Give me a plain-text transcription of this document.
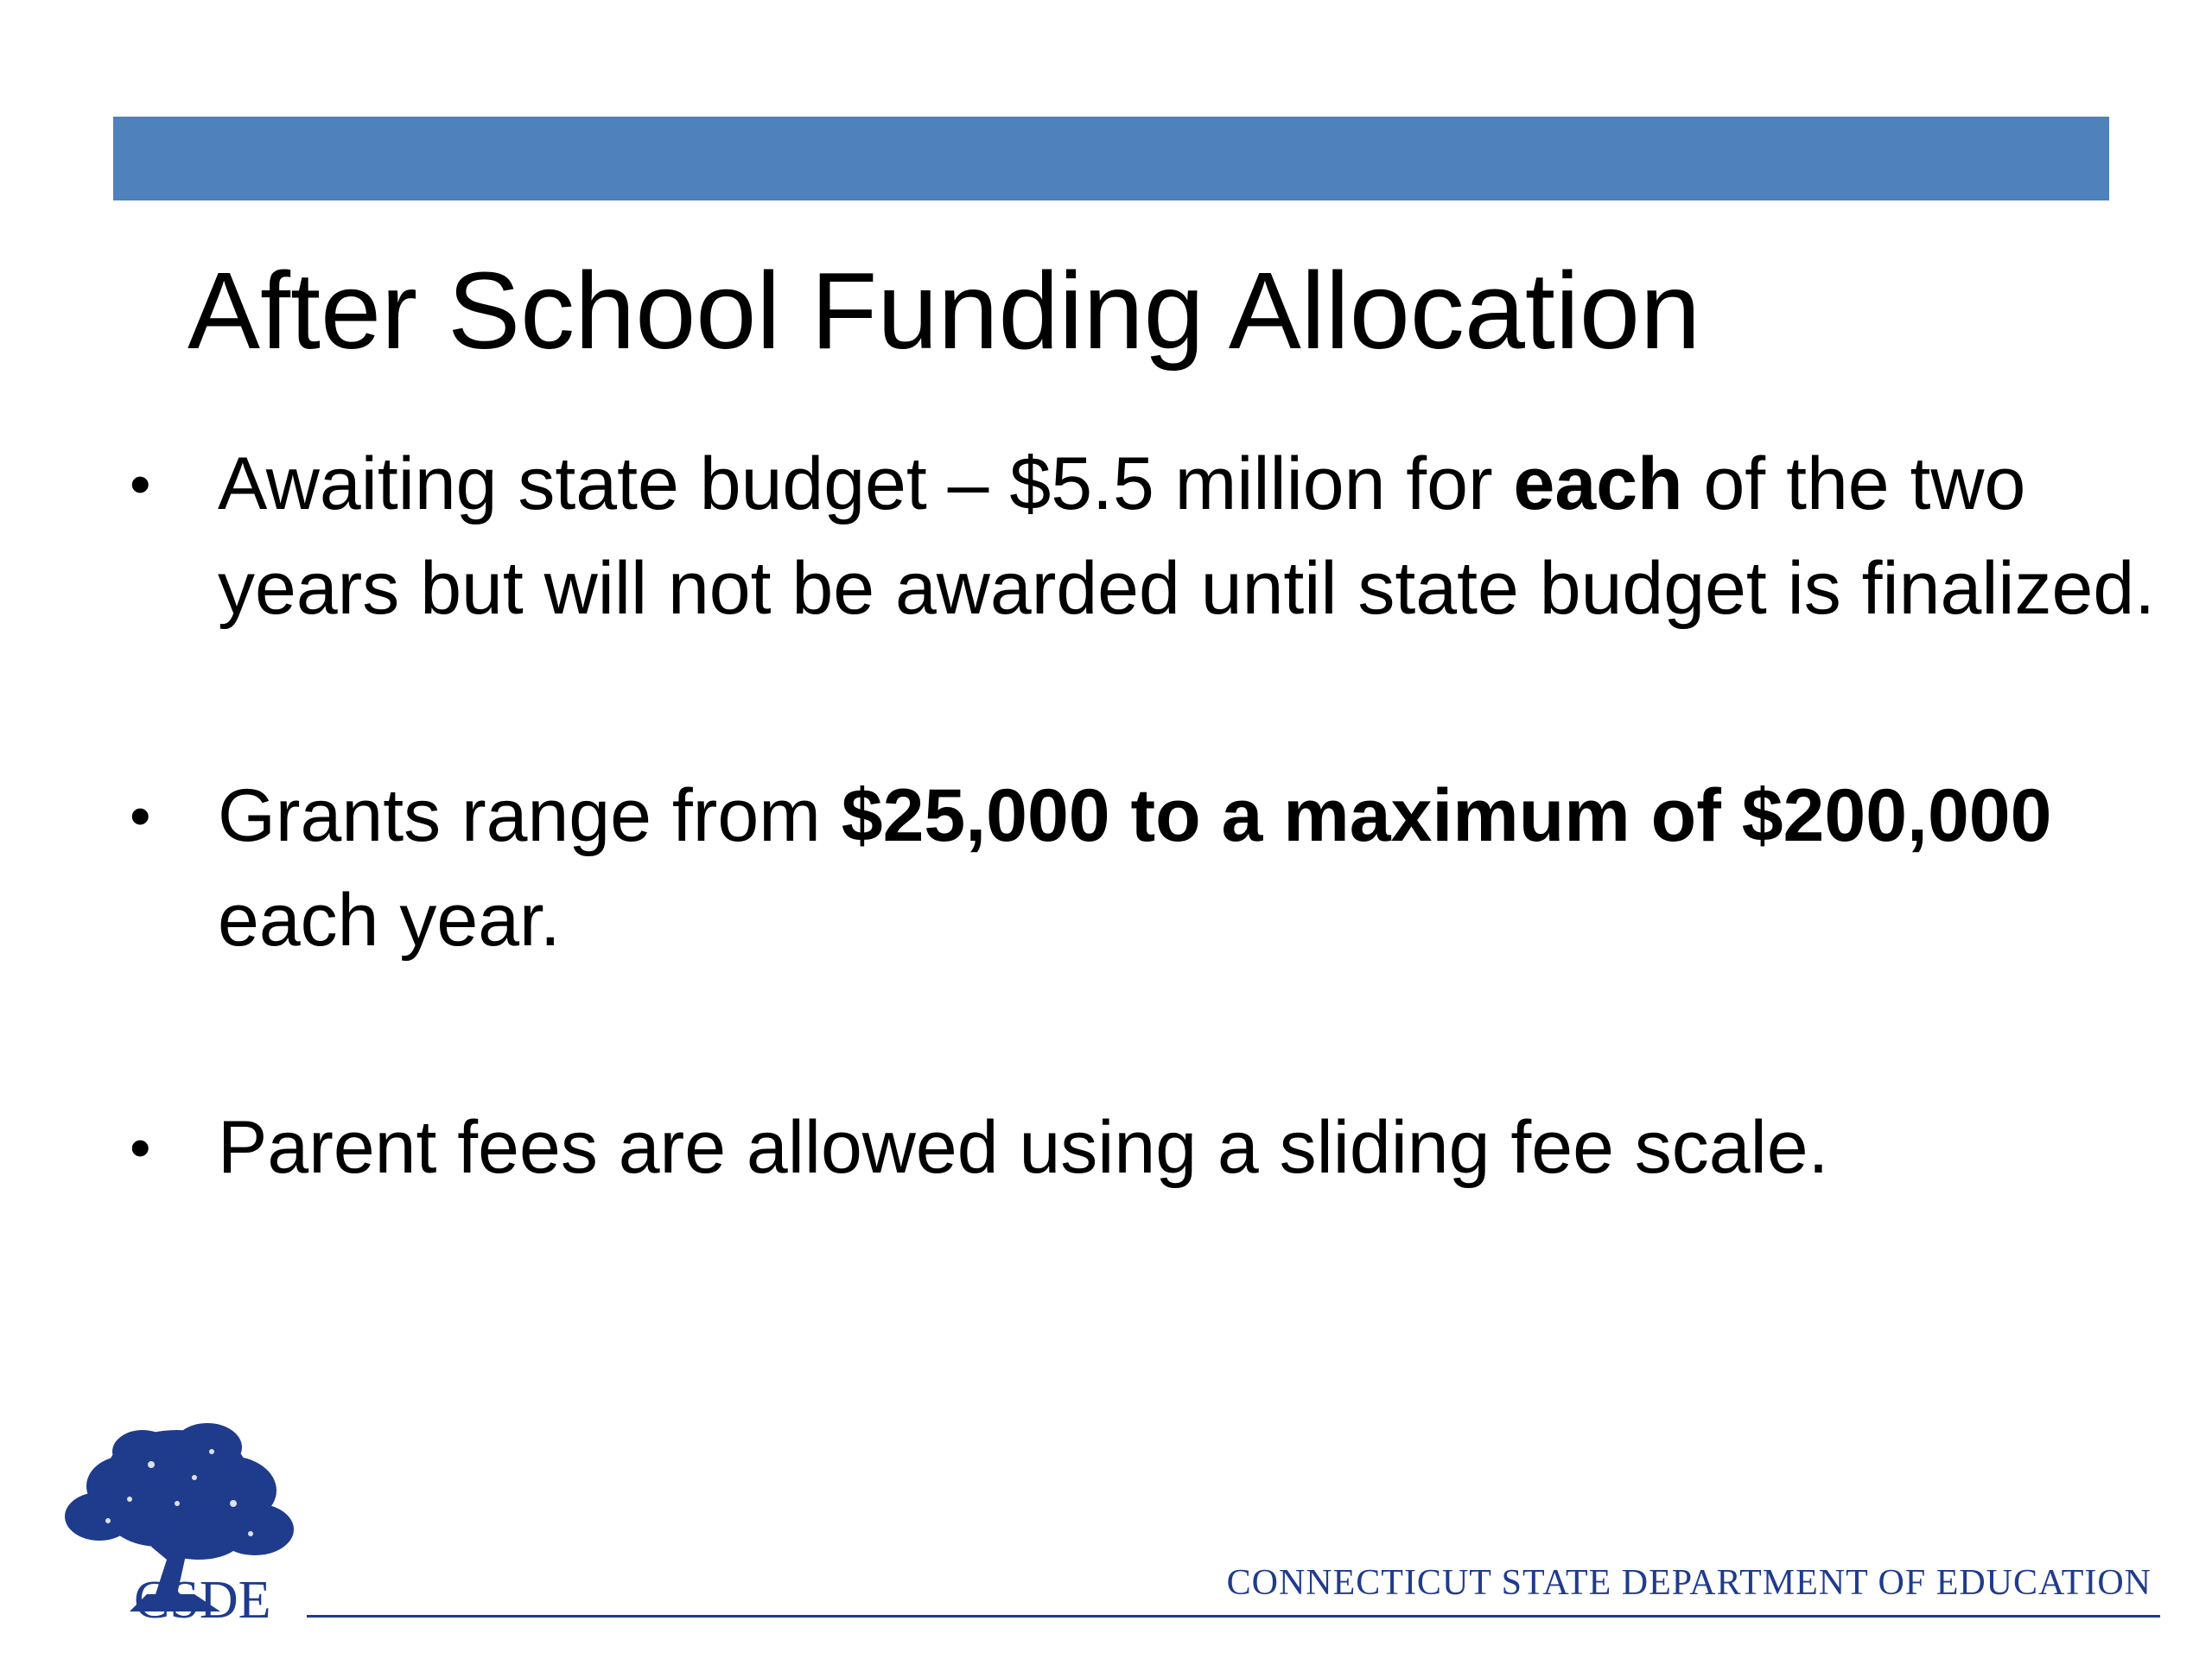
After School Funding Allocation
• Awaiting state budget – $5.5 million for each of the two years but will not be awarded until state budget is finalized.
• Grants range from $25,000 to a maximum of $200,000 each year.
• Parent fees are allowed using a sliding fee scale.
CSDE	CONNECTICUT STATE DEPARTMENT OF EDUCATION
